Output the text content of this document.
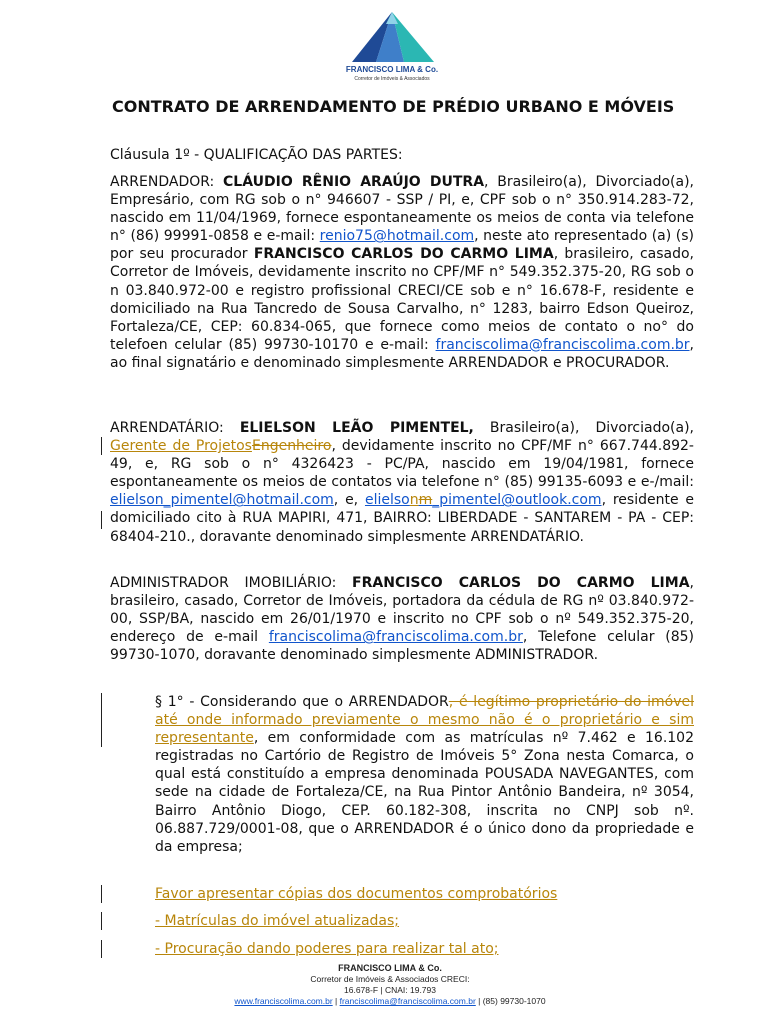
FRANCISCO LIMA & Co.
Corretor de Imóveis & Associados
CONTRATO DE ARRENDAMENTO DE PRÉDIO URBANO E MÓVEIS
Cláusula 1º - QUALIFICAÇÃO DAS PARTES:
ARRENDADOR: CLÁUDIO RÊNIO ARAÚJO DUTRA, Brasileiro(a), Divorciado(a), Empresário, com RG sob o n° 946607 - SSP / PI, e, CPF sob o n° 350.914.283-72, nascido em 11/04/1969, fornece espontaneamente os meios de conta via telefone n° (86) 99991-0858 e e-mail: renio75@hotmail.com, neste ato representado (a) (s) por seu procurador FRANCISCO CARLOS DO CARMO LIMA, brasileiro, casado, Corretor de Imóveis, devidamente inscrito no CPF/MF n° 549.352.375-20, RG sob o n 03.840.972-00 e registro profissional CRECI/CE sob e n° 16.678-F, residente e domiciliado na Rua Tancredo de Sousa Carvalho, n° 1283, bairro Edson Queiroz, Fortaleza/CE, CEP: 60.834-065, que fornece como meios de contato o no° do telefoen celular (85) 99730-10170 e e-mail: franciscolima@franciscolima.com.br, ao final signatário e denominado simplesmente ARRENDADOR e PROCURADOR.
ARRENDATÁRIO: ELIELSON LEÃO PIMENTEL, Brasileiro(a), Divorciado(a), Gerente de ProjetosEngenheiro, devidamente inscrito no CPF/MF n° 667.744.892-49, e, RG sob o n° 4326423 - PC/PA, nascido em 19/04/1981, fornece espontaneamente os meios de contatos via telefone n° (85) 99135-6093 e e-/mail: elielson_pimentel@hotmail.com, e, elielsonm_pimentel@outlook.com, residente e domiciliado cito à RUA MAPIRI, 471, BAIRRO: LIBERDADE - SANTAREM - PA - CEP: 68404-210., doravante denominado simplesmente ARRENDATÁRIO.
ADMINISTRADOR IMOBILIÁRIO: FRANCISCO CARLOS DO CARMO LIMA, brasileiro, casado, Corretor de Imóveis, portadora da cédula de RG nº 03.840.972-00, SSP/BA, nascido em 26/01/1970 e inscrito no CPF sob o nº 549.352.375-20, endereço de e-mail franciscolima@franciscolima.com.br, Telefone celular (85) 99730-1070, doravante denominado simplesmente ADMINISTRADOR.
§ 1° - Considerando que o ARRENDADOR, é legítimo proprietário do imóvel até onde informado previamente o mesmo não é o proprietário e sim representante, em conformidade com as matrículas nº 7.462 e 16.102 registradas no Cartório de Registro de Imóveis 5° Zona nesta Comarca, o qual está constituído a empresa denominada POUSADA NAVEGANTES, com sede na cidade de Fortaleza/CE, na Rua Pintor Antônio Bandeira, nº 3054, Bairro Antônio Diogo, CEP. 60.182-308, inscrita no CNPJ sob nº. 06.887.729/0001-08, que o ARRENDADOR é o único dono da propriedade e da empresa;
Favor apresentar cópias dos documentos comprobatórios
- Matrículas do imóvel atualizadas;
- Procuração dando poderes para realizar tal ato;
FRANCISCO LIMA & Co.
Corretor de Imóveis & Associados CRECI:
16.678-F | CNAI: 19.793
www.franciscolima.com.br | franciscolima@franciscolima.com.br | (85) 99730-1070
